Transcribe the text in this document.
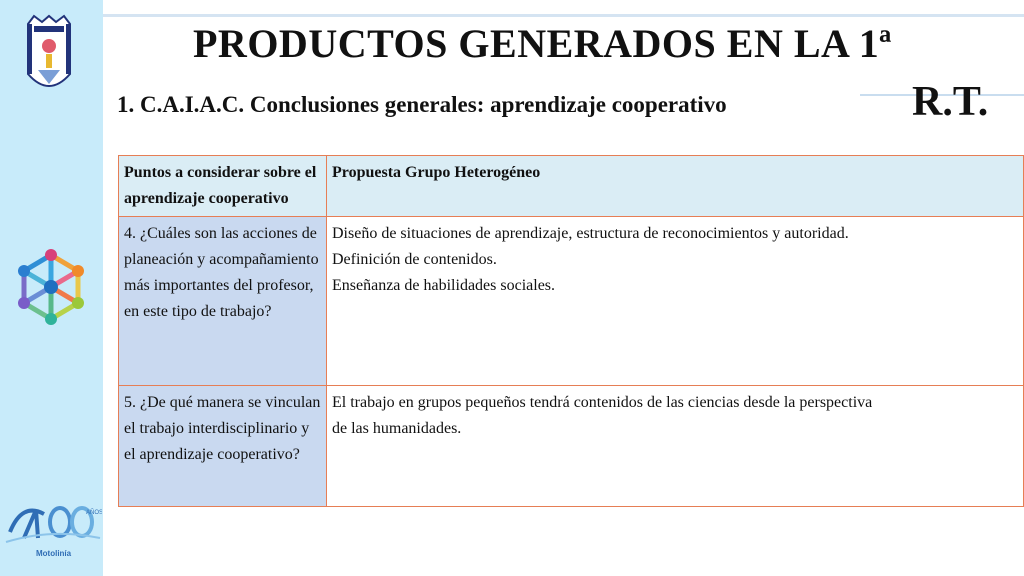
AÑOS
Motolinía
PRODUCTOS GENERADOS EN LA 1ª
R.T.
1. C.A.I.A.C. Conclusiones generales: aprendizaje cooperativo
Puntos a considerar sobre el aprendizaje cooperativo	Propuesta Grupo Heterogéneo
4. ¿Cuáles son las acciones de planeación y acompañamiento más importantes del profesor, en este tipo de trabajo?	Diseño de situaciones de aprendizaje, estructura de reconocimientos y autoridad.
Definición de contenidos.
Enseñanza de habilidades sociales.

5. ¿De qué manera se vinculan el trabajo interdisciplinario y el aprendizaje cooperativo?	El trabajo en grupos pequeños tendrá contenidos de las ciencias desde la perspectiva
de las humanidades.
